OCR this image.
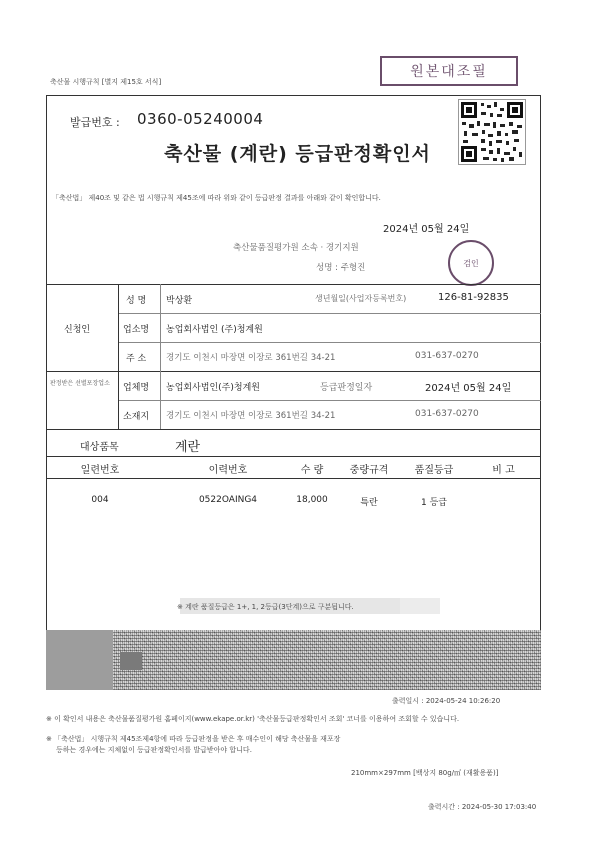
축산물 시행규칙 [별지 제15호 서식]
원본대조필
발급번호 : 0360-05240004
축산물 (계란) 등급판정확인서
「축산법」 제40조 및 같은 법 시행규칙 제45조에 따라 위와 같이 등급판정 결과를 아래와 같이 확인합니다.
2024년 05월 24일
축산물품질평가원 소속 · 경기지원
성명 : 주형진	검인
신청인
성 명 박상환	생년월일(사업자등록번호)	126-81-92835
업소명 농업회사법인 (주)청계원
주 소 경기도 이천시 마장면 이장로 361번길 34-21	031-637-0270
판정받은 선별포장업소	업체명 농업회사법인(주)청계원	등급판정일자	2024년 05월 24일
소재지 경기도 이천시 마장면 이장로 361번길 34-21	031-637-0270
대상품목	계란
일련번호	이력번호	수 량	중량규격	품질등급	비 고
004	0522OAING4	18,000	특란	1 등급
※ 계란 품질등급은 1+, 1, 2등급(3단계)으로 구분됩니다.
출력일시 : 2024-05-24 10:26:20
※ 이 확인서 내용은 축산물품질평가원 홈페이지(www.ekape.or.kr) '축산물등급판정확인서 조회' 코너를 이용하여 조회할 수 있습니다.
※ 「축산법」 시행규칙 제45조제4항에 따라 등급판정을 받은 후 매수인이 해당 축산물을 재포장
등하는 경우에는 지체없이 등급판정확인서를 발급받아야 합니다.
210mm×297mm [백상지 80g/㎡ (재활용품)]
출력시간 : 2024-05-30 17:03:40
